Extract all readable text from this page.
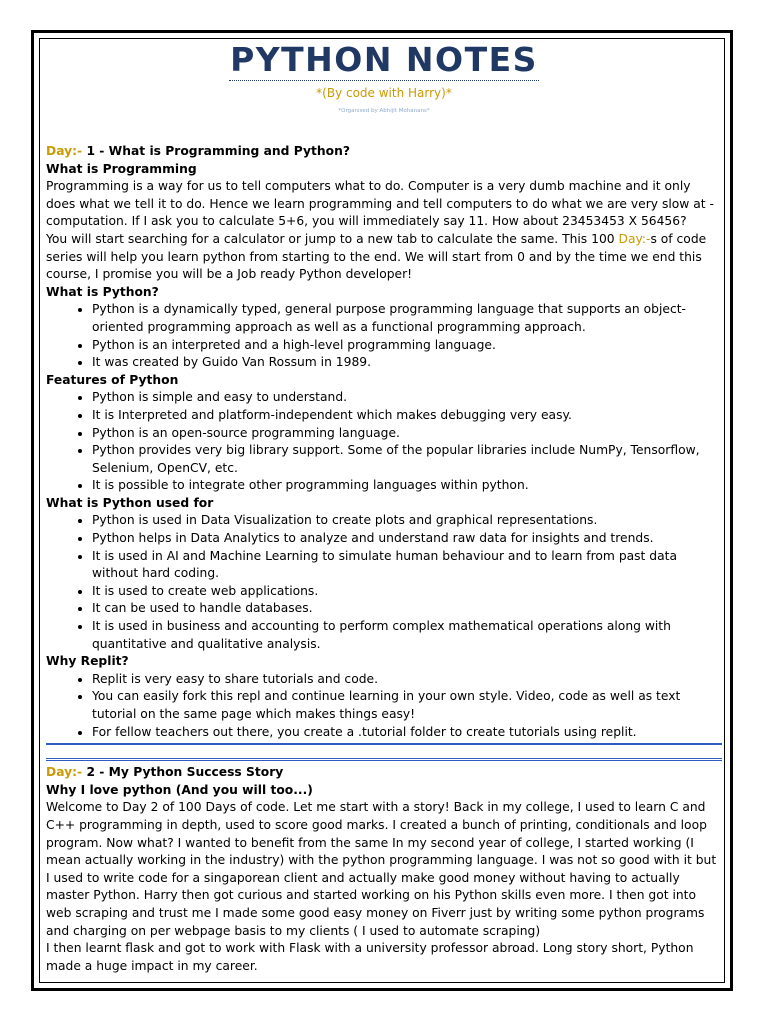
PYTHON NOTES
*(By code with Harry)*
*Organised by Abhijit Mohanans*

Day:- 1 - What is Programming and Python?

What is Programming

Programming is a way for us to tell computers what to do. Computer is a very dumb machine and it only does what we tell it to do. Hence we learn programming and tell computers to do what we are very slow at - computation. If I ask you to calculate 5+6, you will immediately say 11. How about 23453453 X 56456?

You will start searching for a calculator or jump to a new tab to calculate the same. This 100 Day:-s of code series will help you learn python from starting to the end. We will start from 0 and by the time we end this course, I promise you will be a Job ready Python developer!

What is Python?

• Python is a dynamically typed, general purpose programming language that supports an object-oriented programming approach as well as a functional programming approach.
• Python is an interpreted and a high-level programming language.
• It was created by Guido Van Rossum in 1989.

Features of Python

• Python is simple and easy to understand.
• It is Interpreted and platform-independent which makes debugging very easy.
• Python is an open-source programming language.
• Python provides very big library support. Some of the popular libraries include NumPy, Tensorflow, Selenium, OpenCV, etc.
• It is possible to integrate other programming languages within python.

What is Python used for

• Python is used in Data Visualization to create plots and graphical representations.
• Python helps in Data Analytics to analyze and understand raw data for insights and trends.
• It is used in AI and Machine Learning to simulate human behaviour and to learn from past data without hard coding.
• It is used to create web applications.
• It can be used to handle databases.
• It is used in business and accounting to perform complex mathematical operations along with quantitative and qualitative analysis.

Why Replit?

• Replit is very easy to share tutorials and code.
• You can easily fork this repl and continue learning in your own style. Video, code as well as text tutorial on the same page which makes things easy!
• For fellow teachers out there, you create a .tutorial folder to create tutorials using replit.

Day:- 2 - My Python Success Story

Why I love python (And you will too...)

Welcome to Day 2 of 100 Days of code. Let me start with a story! Back in my college, I used to learn C and C++ programming in depth, used to score good marks. I created a bunch of printing, conditionals and loop program. Now what? I wanted to benefit from the same In my second year of college, I started working (I mean actually working in the industry) with the python programming language. I was not so good with it but I used to write code for a singaporean client and actually make good money without having to actually master Python. Harry then got curious and started working on his Python skills even more. I then got into web scraping and trust me I made some good easy money on Fiverr just by writing some python programs and charging on per webpage basis to my clients ( I used to automate scraping)

I then learnt flask and got to work with Flask with a university professor abroad. Long story short, Python made a huge impact in my career.
